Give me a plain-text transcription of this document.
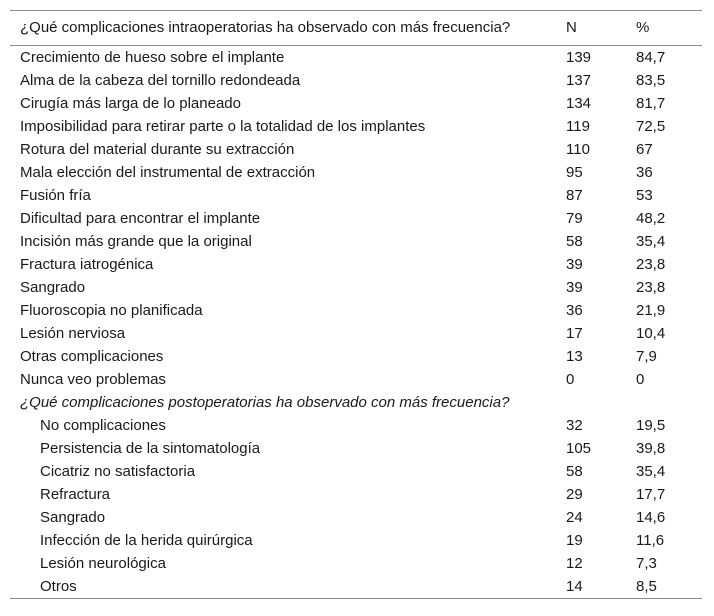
¿Qué complicaciones intraoperatorias ha observado con más frecuencia?	N	%
Crecimiento de hueso sobre el implante	139	84,7
Alma de la cabeza del tornillo redondeada	137	83,5
Cirugía más larga de lo planeado	134	81,7
Imposibilidad para retirar parte o la totalidad de los implantes	119	72,5
Rotura del material durante su extracción	110	67
Mala elección del instrumental de extracción	95	36
Fusión fría	87	53
Dificultad para encontrar el implante	79	48,2
Incisión más grande que la original	58	35,4
Fractura iatrogénica	39	23,8
Sangrado	39	23,8
Fluoroscopia no planificada	36	21,9
Lesión nerviosa	17	10,4
Otras complicaciones	13	7,9
Nunca veo problemas	0	0
¿Qué complicaciones postoperatorias ha observado con más frecuencia?		
No complicaciones	32	19,5
Persistencia de la sintomatología	105	39,8
Cicatriz no satisfactoria	58	35,4
Refractura	29	17,7
Sangrado	24	14,6
Infección de la herida quirúrgica	19	11,6
Lesión neurológica	12	7,3
Otros	14	8,5
